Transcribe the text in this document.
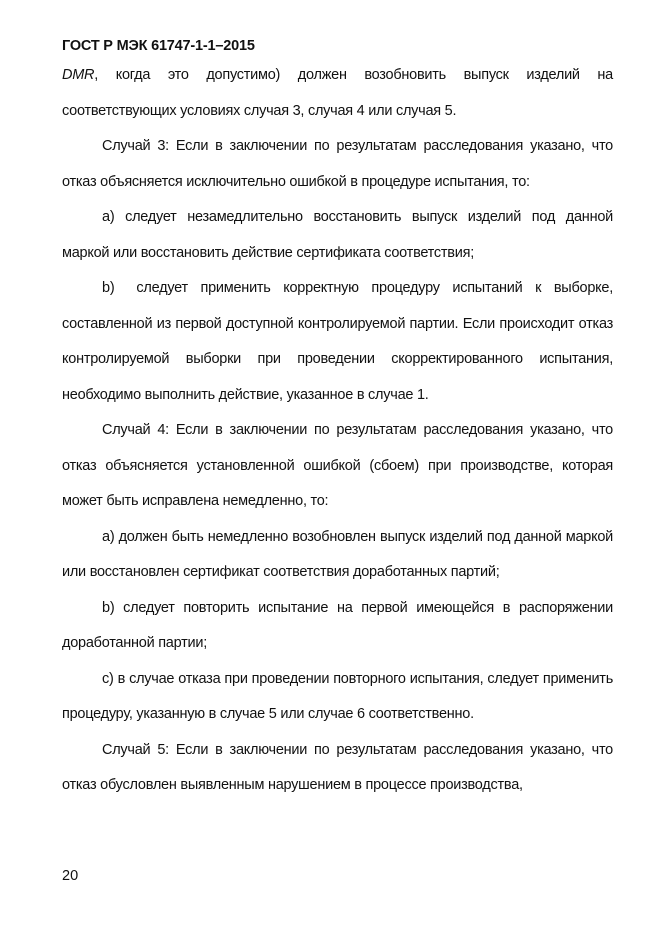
ГОСТ Р МЭК 61747-1-1–2015

DMR, когда это допустимо) должен возобновить выпуск изделий на соответствующих условиях случая 3, случая 4 или случая 5.

Случай 3: Если в заключении по результатам расследования указано, что отказ объясняется исключительно ошибкой в процедуре испытания, то:

a) следует незамедлительно восстановить выпуск изделий под данной маркой или восстановить действие сертификата соответствия;

b) следует применить корректную процедуру испытаний к выборке, составленной из первой доступной контролируемой партии. Если происходит отказ контролируемой выборки при проведении скорректированного испытания, необходимо выполнить действие, указанное в случае 1.

Случай 4: Если в заключении по результатам расследования указано, что отказ объясняется установленной ошибкой (сбоем) при производстве, которая может быть исправлена немедленно, то:

a) должен быть немедленно возобновлен выпуск изделий под данной маркой или восстановлен сертификат соответствия доработанных партий;

b) следует повторить испытание на первой имеющейся в распоряжении доработанной партии;

c) в случае отказа при проведении повторного испытания, следует применить процедуру, указанную в случае 5 или случае 6 соответственно.

Случай 5: Если в заключении по результатам расследования указано, что отказ обусловлен выявленным нарушением в процессе производства,

20
